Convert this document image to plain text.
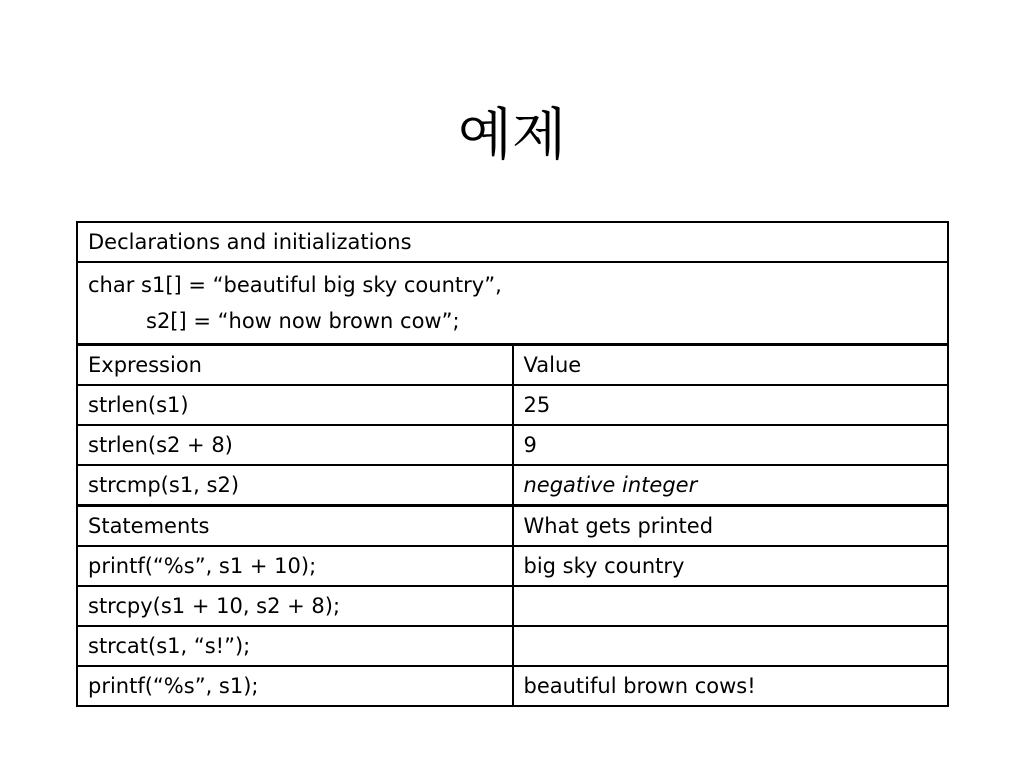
예제
Declarations and initializations	

char s1[] = “beautiful big sky country”,
s2[] = “how now brown cow”;	

Expression	Value
strlen(s1)	25
strlen(s2 + 8)	9
strcmp(s1, s2)	negative integer
Statements	What gets printed
printf(“%s”, s1 + 10);	big sky country
strcpy(s1 + 10, s2 + 8);	
strcat(s1, “s!”);	
printf(“%s”, s1);	beautiful brown cows!
